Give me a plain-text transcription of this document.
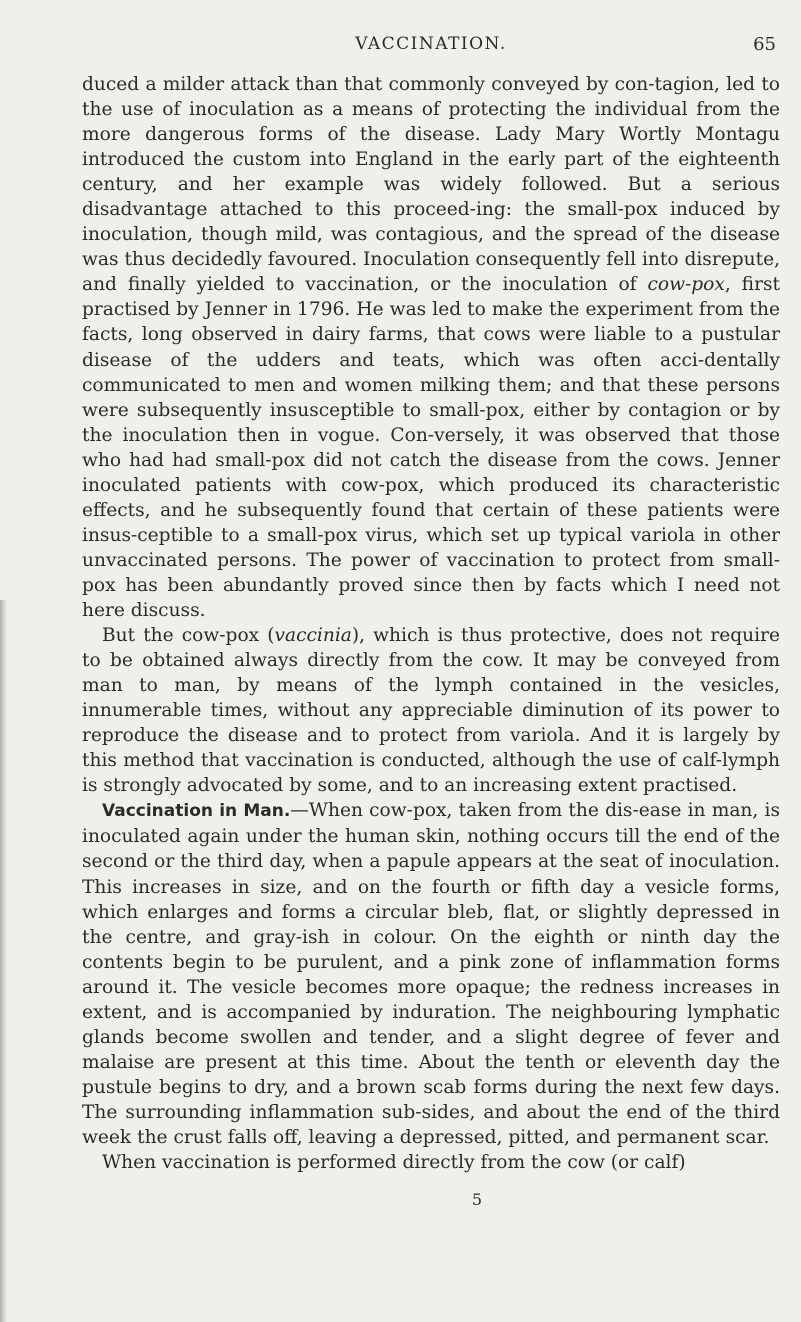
VACCINATION.	65

duced a milder attack than that commonly conveyed by con-tagion, led to the use of inoculation as a means of protecting the individual from the more dangerous forms of the disease. Lady Mary Wortly Montagu introduced the custom into England in the early part of the eighteenth century, and her example was widely followed. But a serious disadvantage attached to this proceed-ing: the small-pox induced by inoculation, though mild, was contagious, and the spread of the disease was thus decidedly favoured. Inoculation consequently fell into disrepute, and finally yielded to vaccination, or the inoculation of cow-pox, first practised by Jenner in 1796. He was led to make the experiment from the facts, long observed in dairy farms, that cows were liable to a pustular disease of the udders and teats, which was often acci-dentally communicated to men and women milking them; and that these persons were subsequently insusceptible to small-pox, either by contagion or by the inoculation then in vogue. Con-versely, it was observed that those who had had small-pox did not catch the disease from the cows. Jenner inoculated patients with cow-pox, which produced its characteristic effects, and he subsequently found that certain of these patients were insus-ceptible to a small-pox virus, which set up typical variola in other unvaccinated persons. The power of vaccination to protect from small-pox has been abundantly proved since then by facts which I need not here discuss.

But the cow-pox (vaccinia), which is thus protective, does not require to be obtained always directly from the cow. It may be conveyed from man to man, by means of the lymph contained in the vesicles, innumerable times, without any appreciable diminution of its power to reproduce the disease and to protect from variola. And it is largely by this method that vaccination is conducted, although the use of calf-lymph is strongly advocated by some, and to an increasing extent practised.

Vaccination in Man.—When cow-pox, taken from the dis-ease in man, is inoculated again under the human skin, nothing occurs till the end of the second or the third day, when a papule appears at the seat of inoculation. This increases in size, and on the fourth or fifth day a vesicle forms, which enlarges and forms a circular bleb, flat, or slightly depressed in the centre, and gray-ish in colour. On the eighth or ninth day the contents begin to be purulent, and a pink zone of inflammation forms around it. The vesicle becomes more opaque; the redness increases in extent, and is accompanied by induration. The neighbouring lymphatic glands become swollen and tender, and a slight degree of fever and malaise are present at this time. About the tenth or eleventh day the pustule begins to dry, and a brown scab forms during the next few days. The surrounding inflammation sub-sides, and about the end of the third week the crust falls off, leaving a depressed, pitted, and permanent scar.

When vaccination is performed directly from the cow (or calf)

5
